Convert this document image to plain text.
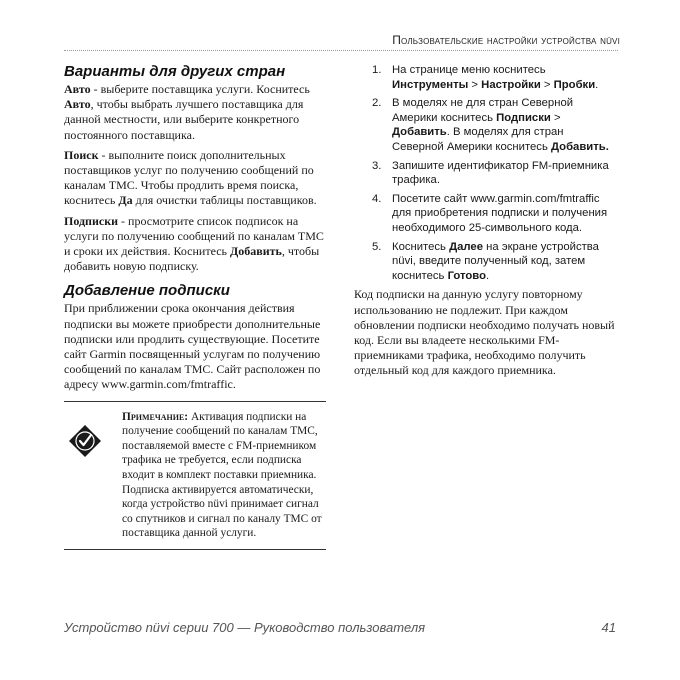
Пользовательские настройки устройства nüvi
Варианты для других стран

Авто - выберите поставщика услуги. Коснитесь Авто, чтобы выбрать лучшего поставщика для данной местности, или выберите конкретного постоянного поставщика.

Поиск - выполните поиск дополнительных поставщиков услуг по получению сообщений по каналам TMC. Чтобы продлить время поиска, коснитесь Да для очистки таблицы поставщиков.

Подписки - просмотрите список подписок на услуги по получению сообщений по каналам TMC и сроки их действия. Коснитесь Добавить, чтобы добавить новую подписку.

Добавление подписки

При приближении срока окончания действия подписки вы можете приобрести дополнительные подписки или продлить существующие. Посетите сайт Garmin посвященный услугам по получению сообщений по каналам TMC. Сайт расположен по адресу www.garmin.com/fmtraffic.

Примечание: Активация подписки на получение сообщений по каналам TMC, поставляемой вместе с FM-приемником трафика не требуется, если подписка входит в комплект поставки приемника. Подписка активируется автоматически, когда устройство nüvi принимает сигнал со спутников и сигнал по каналу TMC от поставщика данной услуги.
1. На странице меню коснитесь Инструменты > Настройки > Пробки.
2. В моделях не для стран Северной Америки коснитесь Подписки > Добавить. В моделях для стран Северной Америки коснитесь Добавить.
3. Запишите идентификатор FM-приемника трафика.
4. Посетите сайт www.garmin.com/fmtraffic для приобретения подписки и получения необходимого 25-символьного кода.
5. Коснитесь Далее на экране устройства nüvi, введите полученный код, затем коснитесь Готово.

Код подписки на данную услугу повторному использованию не подлежит. При каждом обновлении подписки необходимо получать новый код. Если вы владеете несколькими FM-приемниками трафика, необходимо получить отдельный код для каждого приемника.

Устройство nüvi серии 700 — Руководство пользователя	41
